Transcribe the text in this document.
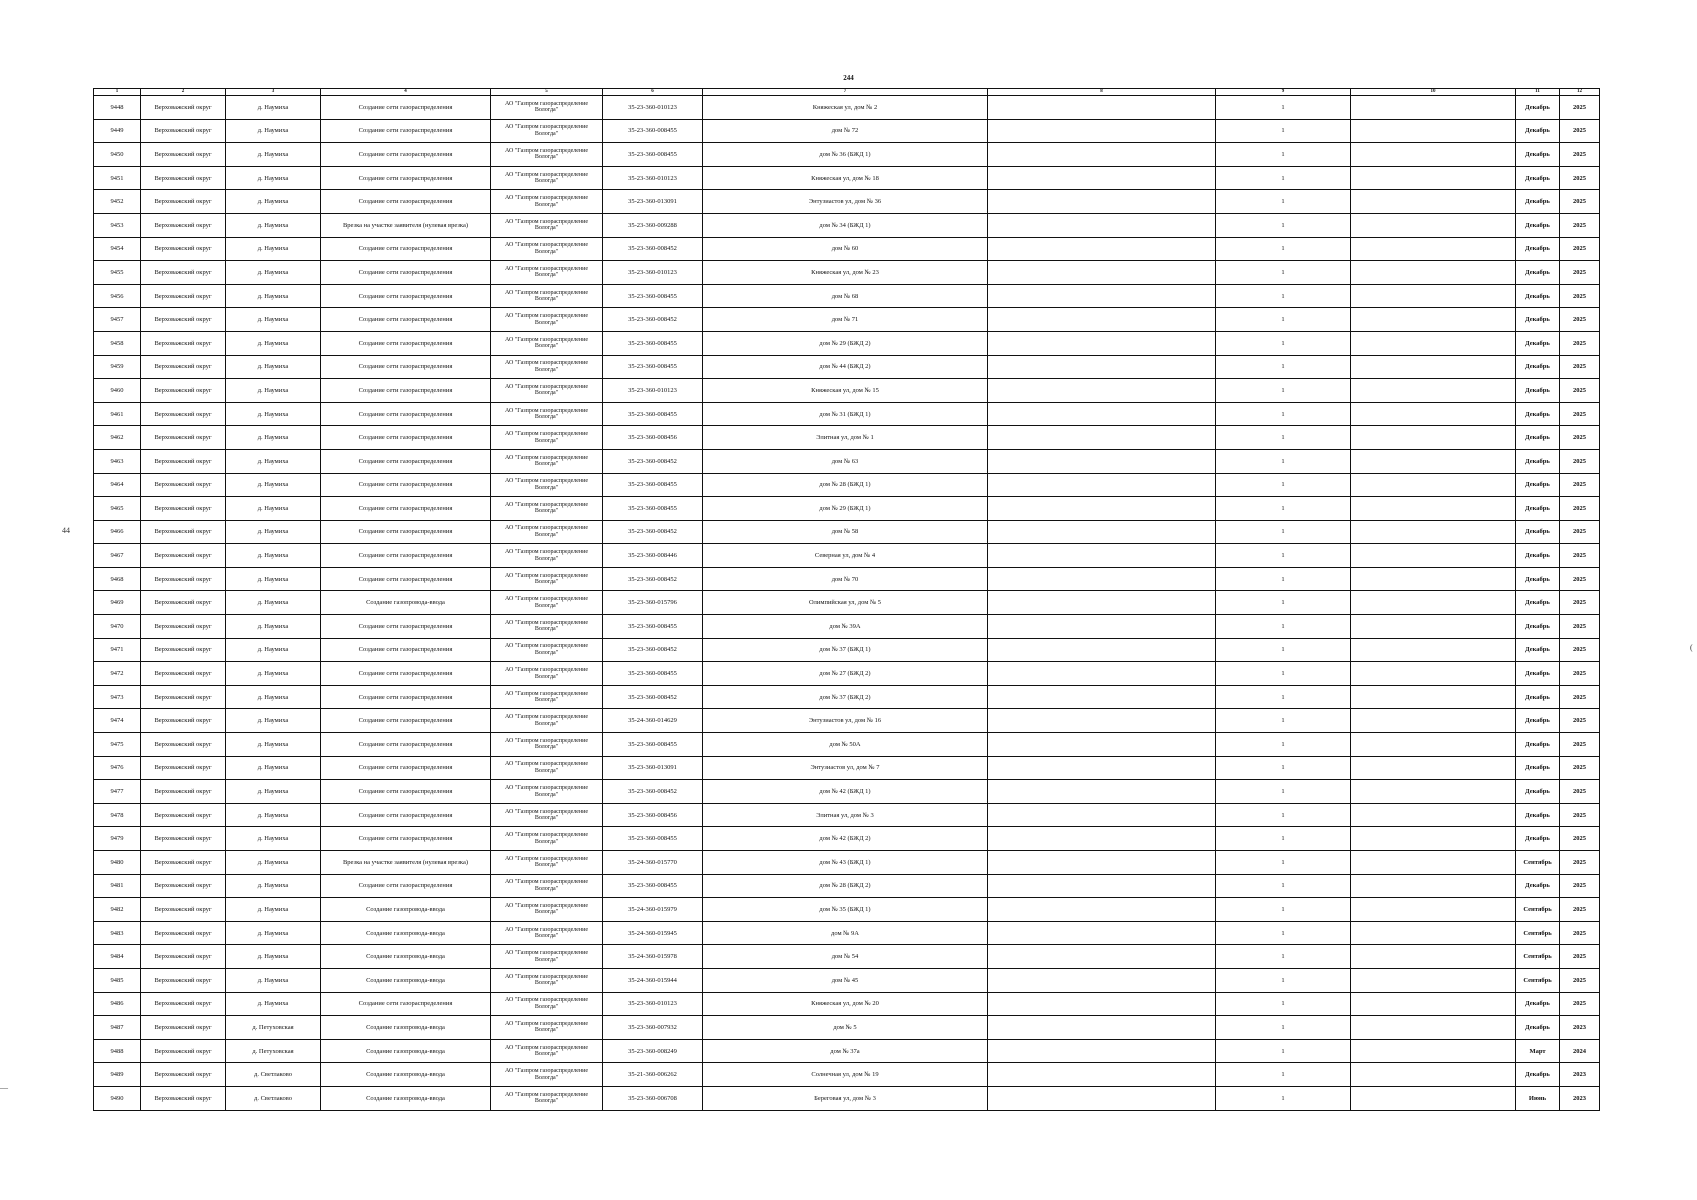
244
44
—
(
1	2	3	4	5	6	7	8	9	10	11	12
9448	Верховажский округ	д. Наумиха	Создание сети газораспределения	АО "Газпром газораспределение Вологда"	35-23-360-010123	Княжеская ул, дом № 2		1		Декабрь	2025
9449	Верховажский округ	д. Наумиха	Создание сети газораспределения	АО "Газпром газораспределение Вологда"	35-23-360-008455	дом № 72		1		Декабрь	2025
9450	Верховажский округ	д. Наумиха	Создание сети газораспределения	АО "Газпром газораспределение Вологда"	35-23-360-008455	дом № 36 (БЖД 1)		1		Декабрь	2025
9451	Верховажский округ	д. Наумиха	Создание сети газораспределения	АО "Газпром газораспределение Вологда"	35-23-360-010123	Княжеская ул, дом № 18		1		Декабрь	2025
9452	Верховажский округ	д. Наумиха	Создание сети газораспределения	АО "Газпром газораспределение Вологда"	35-23-360-013091	Энтузиастов ул, дом № 36		1		Декабрь	2025
9453	Верховажский округ	д. Наумиха	Врезка на участке заявителя (нулевая врезка)	АО "Газпром газораспределение Вологда"	35-23-360-009288	дом № 34 (БЖД 1)		1		Декабрь	2025
9454	Верховажский округ	д. Наумиха	Создание сети газораспределения	АО "Газпром газораспределение Вологда"	35-23-360-008452	дом № 60		1		Декабрь	2025
9455	Верховажский округ	д. Наумиха	Создание сети газораспределения	АО "Газпром газораспределение Вологда"	35-23-360-010123	Княжеская ул, дом № 23		1		Декабрь	2025
9456	Верховажский округ	д. Наумиха	Создание сети газораспределения	АО "Газпром газораспределение Вологда"	35-23-360-008455	дом № 68		1		Декабрь	2025
9457	Верховажский округ	д. Наумиха	Создание сети газораспределения	АО "Газпром газораспределение Вологда"	35-23-360-008452	дом № 71		1		Декабрь	2025
9458	Верховажский округ	д. Наумиха	Создание сети газораспределения	АО "Газпром газораспределение Вологда"	35-23-360-008455	дом № 29 (БЖД 2)		1		Декабрь	2025
9459	Верховажский округ	д. Наумиха	Создание сети газораспределения	АО "Газпром газораспределение Вологда"	35-23-360-008455	дом № 44 (БЖД 2)		1		Декабрь	2025
9460	Верховажский округ	д. Наумиха	Создание сети газораспределения	АО "Газпром газораспределение Вологда"	35-23-360-010123	Княжеская ул, дом № 15		1		Декабрь	2025
9461	Верховажский округ	д. Наумиха	Создание сети газораспределения	АО "Газпром газораспределение Вологда"	35-23-360-008455	дом № 31 (БЖД 1)		1		Декабрь	2025
9462	Верховажский округ	д. Наумиха	Создание сети газораспределения	АО "Газпром газораспределение Вологда"	35-23-360-008456	Элитная ул, дом № 1		1		Декабрь	2025
9463	Верховажский округ	д. Наумиха	Создание сети газораспределения	АО "Газпром газораспределение Вологда"	35-23-360-008452	дом № 63		1		Декабрь	2025
9464	Верховажский округ	д. Наумиха	Создание сети газораспределения	АО "Газпром газораспределение Вологда"	35-23-360-008455	дом № 28 (БЖД 1)		1		Декабрь	2025
9465	Верховажский округ	д. Наумиха	Создание сети газораспределения	АО "Газпром газораспределение Вологда"	35-23-360-008455	дом № 29 (БЖД 1)		1		Декабрь	2025
9466	Верховажский округ	д. Наумиха	Создание сети газораспределения	АО "Газпром газораспределение Вологда"	35-23-360-008452	дом № 58		1		Декабрь	2025
9467	Верховажский округ	д. Наумиха	Создание сети газораспределения	АО "Газпром газораспределение Вологда"	35-23-360-008446	Северная ул, дом № 4		1		Декабрь	2025
9468	Верховажский округ	д. Наумиха	Создание сети газораспределения	АО "Газпром газораспределение Вологда"	35-23-360-008452	дом № 70		1		Декабрь	2025
9469	Верховажский округ	д. Наумиха	Создание газопровода-ввода	АО "Газпром газораспределение Вологда"	35-23-360-015796	Олимпийская ул, дом № 5		1		Декабрь	2025
9470	Верховажский округ	д. Наумиха	Создание сети газораспределения	АО "Газпром газораспределение Вологда"	35-23-360-008455	дом № 39А		1		Декабрь	2025
9471	Верховажский округ	д. Наумиха	Создание сети газораспределения	АО "Газпром газораспределение Вологда"	35-23-360-008452	дом № 37 (БЖД 1)		1		Декабрь	2025
9472	Верховажский округ	д. Наумиха	Создание сети газораспределения	АО "Газпром газораспределение Вологда"	35-23-360-008455	дом № 27 (БЖД 2)		1		Декабрь	2025
9473	Верховажский округ	д. Наумиха	Создание сети газораспределения	АО "Газпром газораспределение Вологда"	35-23-360-008452	дом № 37 (БЖД 2)		1		Декабрь	2025
9474	Верховажский округ	д. Наумиха	Создание сети газораспределения	АО "Газпром газораспределение Вологда"	35-24-360-014629	Энтузиастов ул, дом № 16		1		Декабрь	2025
9475	Верховажский округ	д. Наумиха	Создание сети газораспределения	АО "Газпром газораспределение Вологда"	35-23-360-008455	дом № 50А		1		Декабрь	2025
9476	Верховажский округ	д. Наумиха	Создание сети газораспределения	АО "Газпром газораспределение Вологда"	35-23-360-013091	Энтузиастов ул, дом № 7		1		Декабрь	2025
9477	Верховажский округ	д. Наумиха	Создание сети газораспределения	АО "Газпром газораспределение Вологда"	35-23-360-008452	дом № 42 (БЖД 1)		1		Декабрь	2025
9478	Верховажский округ	д. Наумиха	Создание сети газораспределения	АО "Газпром газораспределение Вологда"	35-23-360-008456	Элитная ул, дом № 3		1		Декабрь	2025
9479	Верховажский округ	д. Наумиха	Создание сети газораспределения	АО "Газпром газораспределение Вологда"	35-23-360-008455	дом № 42 (БЖД 2)		1		Декабрь	2025
9480	Верховажский округ	д. Наумиха	Врезка на участке заявителя (нулевая врезка)	АО "Газпром газораспределение Вологда"	35-24-360-015770	дом № 43 (БЖД 1)		1		Сентябрь	2025
9481	Верховажский округ	д. Наумиха	Создание сети газораспределения	АО "Газпром газораспределение Вологда"	35-23-360-008455	дом № 28 (БЖД 2)		1		Декабрь	2025
9482	Верховажский округ	д. Наумиха	Создание газопровода-ввода	АО "Газпром газораспределение Вологда"	35-24-360-015979	дом № 35 (БЖД 1)		1		Сентябрь	2025
9483	Верховажский округ	д. Наумиха	Создание газопровода-ввода	АО "Газпром газораспределение Вологда"	35-24-360-015945	дом № 9А		1		Сентябрь	2025
9484	Верховажский округ	д. Наумиха	Создание газопровода-ввода	АО "Газпром газораспределение Вологда"	35-24-360-015978	дом № 54		1		Сентябрь	2025
9485	Верховажский округ	д. Наумиха	Создание газопровода-ввода	АО "Газпром газораспределение Вологда"	35-24-360-015944	дом № 45		1		Сентябрь	2025
9486	Верховажский округ	д. Наумиха	Создание сети газораспределения	АО "Газпром газораспределение Вологда"	35-23-360-010123	Княжеская ул, дом № 20		1		Декабрь	2025
9487	Верховажский округ	д. Петуховская	Создание газопровода-ввода	АО "Газпром газораспределение Вологда"	35-23-360-007932	дом № 5		1		Декабрь	2023
9488	Верховажский округ	д. Петуховская	Создание газопровода-ввода	АО "Газпром газораспределение Вологда"	35-23-360-008249	дом № 37а		1		Март	2024
9489	Верховажский округ	д. Светлаково	Создание газопровода-ввода	АО "Газпром газораспределение Вологда"	35-21-360-006262	Солнечная ул, дом № 19		1		Декабрь	2023
9490	Верховажский округ	д. Светлаково	Создание газопровода-ввода	АО "Газпром газораспределение Вологда"	35-23-360-006708	Береговая ул, дом № 3		1		Июнь	2023
